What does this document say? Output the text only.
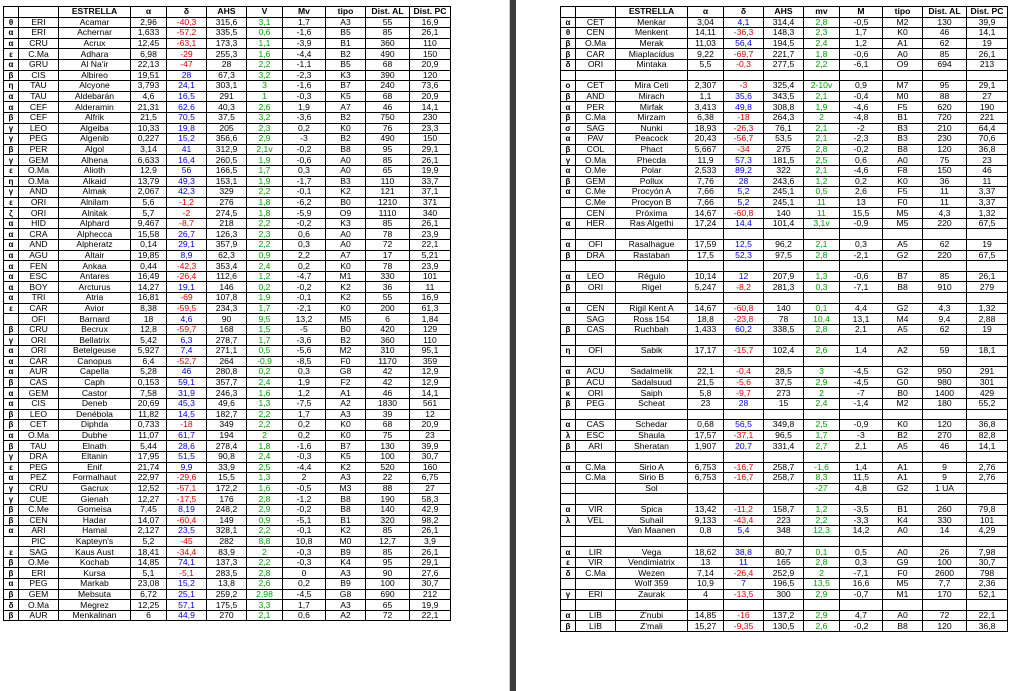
		ESTRELLA	α	δ	AHS	V	Mv	tipo	Dist. AL	Dist. PC
θ	ERI	Acamar	2,96	-40,3	315,6	3,1	1,7	A3	55	16,9
α	ERI	Achernar	1,633	-57,2	335,5	0,6	-1,6	B5	85	26,1
α	CRU	Acrux	12,45	-63,1	173,3	1,1	-3,9	B1	360	110
ε	C.Ma	Adhara	6,98	-29	255,3	1,6	-4,4	B2	490	150
α	GRU	Al Na'ir	22,13	-47	28	2,2	-1,1	B5	68	20,9
β	CIS	Albireo	19,51	28	67,3	3,2	-2,3	K3	390	120
η	TAU	Alcyone	3,793	24,1	303,1	3	-1,6	B7	240	73,6
α	TAU	Aldebarán	4,6	16,5	291	1	-0,3	K5	68	20,9
α	CEF	Alderamin	21,31	62,6	40,3	2,6	1,9	A7	46	14,1
β	CEF	Alfrik	21,5	70,5	37,5	3,2	-3,6	B2	750	230
γ	LEO	Algeiba	10,33	19,8	205	2,3	0,2	K0	76	23,3
γ	PEG	Algenib	0,227	15,2	356,6	2,9	-3	B2	490	150
β	PER	Algol	3,14	41	312,9	2,1v	-0,2	B8	95	29,1
γ	GEM	Alhena	6,633	16,4	260,5	1,9	-0,6	A0	85	26,1
ε	O.Ma	Alioth	12,9	56	166,5	1,7	0,3	A0	65	19,9
η	O.Ma	Alkaid	13,79	49,3	153,1	1,9	-1,7	B3	110	33,7
γ	AND	Almak	2,067	42,3	329	2,2	-0,1	K2	121	37,1
ε	ORI	Alnilam	5,6	-1,2	276	1,8	-6,2	B0	1210	371
ζ	ORI	Alnitak	5,7	-2	274,5	1,8	-5,9	O9	1110	340
α	HID	Alphard	9,467	-8,7	218	2,2	-0,2	K3	85	26,1
α	CRA	Alphecca	15,58	26,7	126,3	2,3	0,6	A0	78	23,9
α	AND	Alpheratz	0,14	29,1	357,9	2,2	0,3	A0	72	22,1
α	AGU	Altair	19,85	8,9	62,3	0,9	2,2	A7	17	5,21
α	FEN	Ankaa	0,44	-42,3	353,4	2,4	0,2	K0	78	23,9
α	ESC	Antares	16,49	-26,4	112,6	1,2	-4,7	M1	330	101
α	BOY	Arcturus	14,27	19,1	146	0,2	-0,2	K2	36	11
α	TRI	Atria	16,81	-69	107,8	1,9	-0,1	K2	55	16,9
ε	CAR	Avior	8,38	-59,5	234,3	1,7	-2,1	K0	200	61,3
	OFI	Barnard	18	4,6	90	9,5	13,2	M5	6	1,84
β	CRU	Becrux	12,8	-59,7	168	1,5	-5	B0	420	129
γ	ORI	Bellatrix	5,42	6,3	278,7	1,7	-3,6	B2	360	110
α	ORI	Betelgeuse	5,927	7,4	271,1	0,5	-5,6	M2	310	95,1
α	CAR	Canopus	6,4	-52,7	264	-0,9	-8,5	F0	1170	359
α	AUR	Capella	5,28	46	280,8	0,2	0,3	G8	42	12,9
β	CAS	Caph	0,153	59,1	357,7	2,4	1,9	F2	42	12,9
α	GEM	Castor	7,58	31,9	246,3	1,6	1,2	A1	46	14,1
α	CIS	Deneb	20,69	45,3	49,6	1,3	-7,5	A2	1830	561
β	LEO	Denébola	11,82	14,5	182,7	2,2	1,7	A3	39	12
β	CET	Diphda	0,733	-18	349	2,2	0,2	K0	68	20,9
α	O.Ma	Dubhe	11,07	61,7	194	2	0,2	K0	75	23
β	TAU	Elnath	5,44	28,6	278,4	1,8	-1,6	B7	130	39,9
γ	DRA	Eltanin	17,95	51,5	90,8	2,4	-0,3	K5	100	30,7
ε	PEG	Enif	21,74	9,9	33,9	2,5	-4,4	K2	520	160
α	PEZ	Formalhaut	22,97	-29,6	15,5	1,3	2	A3	22	6,75
γ	CRU	Gacrux	12,52	-57,1	172,2	1,6	-0,5	M3	88	27
γ	CUE	Gienah	12,27	-17,5	176	2,8	-1,2	B8	190	58,3
β	C.Me	Gomeisa	7,45	8,19	248,2	2,9	-0,2	B8	140	42,9
β	CEN	Hadar	14,07	-60,4	149	0,9	-5,1	B1	320	98,2
α	ARI	Hamal	2,127	23,5	328,1	2,2	-0,1	K2	85	26,1
	PIC	Kapteyn's	5,2	-45	282	8,8	10,8	M0	12,7	3,9
ε	SAG	Kaus Aust	18,41	-34,4	83,9	2	-0,3	B9	85	26,1
β	O.Me	Kochab	14,85	74,1	137,3	2,2	-0,3	K4	95	29,1
β	ERI	Kursa	5,1	-5,1	283,5	2,8	0	A3	90	27,6
α	PEG	Markab	23,08	15,2	13,8	2,6	0,2	B9	100	30,7
β	GEM	Mebsuta	6,72	25,1	259,2	2,98	-4,5	G8	690	212
δ	O.Ma	Megrez	12,25	57,1	175,5	3,3	1,7	A3	65	19,9
β	AUR	Menkalinan	6	44,9	270	2,1	0,6	A2	72	22,1
		ESTRELLA	α	δ	AHS	mv	M	tipo	Dist. AL	Dist. PC
α	CET	Menkar	3,04	4,1	314,4	2,8	-0,5	M2	130	39,9
θ	CEN	Menkent	14,11	-36,3	148,3	2,3	1,7	K0	46	14,1
β	O.Ma	Merak	11,03	56,4	194,5	2,4	1,2	A1	62	19
β	CAR	Miaplacidus	9,22	-69,7	221,7	1,8	-0,6	A0	85	26,1
δ	ORI	Mintaka	5,5	-0,3	277,5	2,2	-6,1	O9	694	213

ο	CET	Mira Ceti	2,307	-3	325,4	2-10v	0,9	M7	95	29,1
β	AND	Mirach	1,1	35,6	343,5	2,1	-0,4	M0	88	27
α	PER	Mirfak	3,413	49,8	308,8	1,9	-4,6	F5	620	190
β	C.Ma	Mirzam	6,38	-18	264,3	2	-4,8	B1	720	221
σ	SAG	Nunki	18,93	-26,3	76,1	2,1	-2	B3	210	64,4
α	PAV	Peacock	20,43	-56,7	53,5	2,1	-2,3	B3	230	70,6
β	COL	Phact	5,667	-34	275	2,8	-0,2	B8	120	36,8
γ	O.Ma	Phecda	11,9	57,3	181,5	2,5	0,6	A0	75	23
α	O.Me	Polar	2,533	89,2	322	2,1	-4,6	F8	150	46
β	GEM	Pollux	7,76	28	243,6	1,2	0,2	K0	36	11
α	C.Me	Procyón A	7,66	5,2	245,1	0,5	2,6	F5	11	3,37
	C.Me	Procyon B	7,66	5,2	245,1	11	13	F0	11	3,37
	CEN	Próxima	14,67	-60,8	140	11	15,5	M5	4,3	1,32
α	HER	Ras Algethi	17,24	14,4	101,4	3,1v	-0,9	M5	220	67,5

α	OFI	Rasalhague	17,59	12,5	96,2	2,1	0,3	A5	62	19
β	DRA	Rastaban	17,5	52,3	97,5	2,8	-2,1	G2	220	67,5

α	LEO	Régulo	10,14	12	207,9	1,3	-0,6	B7	85	26,1
β	ORI	Rigel	5,247	-8,2	281,3	0,3	-7,1	B8	910	279

α	CEN	Rigil Kent A	14,67	-60,8	140	0,1	4,4	G2	4,3	1,32
	SAG	Ross 154	18,8	-23,8	78	10,4	13,1	M4	9,4	2,88
β	CAS	Ruchbah	1,433	60,2	338,5	2,8	2,1	A5	62	19

η	OFI	Sabik	17,17	-15,7	102,4	2,6	1,4	A2	59	18,1

α	ACU	Sadalmelik	22,1	-0,4	28,5	3	-4,5	G2	950	291
β	ACU	Sadalsuud	21,5	-5,6	37,5	2,9	-4,5	G0	980	301
κ	ORI	Saiph	5,8	-9,7	273	2	-7	B0	1400	429
β	PEG	Scheat	23	28	15	2,4	-1,4	M2	180	55,2

α	CAS	Schedar	0,68	56,5	349,8	2,5	-0,9	K0	120	36,8
λ	ESC	Shaula	17,57	-37,1	96,5	1,7	-3	B2	270	82,8
β	ARI	Sheratan	1,907	20,7	331,4	2,7	2,1	A5	46	14,1

α	C.Ma	Sirio A	6,753	-16,7	258,7	-1,6	1,4	A1	9	2,76
	C.Ma	Sirio B	6,753	-16,7	258,7	8,3	11,5	A1	9	2,76
		Sol				-27	4,8	G2	1 UA	

α	VIR	Spica	13,42	-11,2	158,7	1,2	-3,5	B1	260	79,8
λ	VEL	Suhail	9,133	-43,4	223	2,2	-3,3	K4	330	101
		Van Maanen	0,8	5,4	348	12,3	14,2	A0	14	4,29

α	LIR	Vega	18,62	38,8	80,7	0,1	0,5	A0	26	7,98
ε	VIR	Vendimiatrix	13	11	165	2,8	0,3	G9	100	30,7
δ	C.Ma	Wezen	7,14	-26,4	252,9	2	-7,1	F0	2600	798
		Wolf 359	10,9	7	196,5	13,5	16,6	M5	7,7	2,36
γ	ERI	Zaurak	4	-13,5	300	2,9	-0,7	M1	170	52,1

α	LIB	Z'nubi	14,85	-16	137,2	2,9	4,7	A0	72	22,1
β	LIB	Z'mali	15,27	-9,35	130,5	2,6	-0,2	B8	120	36,8
